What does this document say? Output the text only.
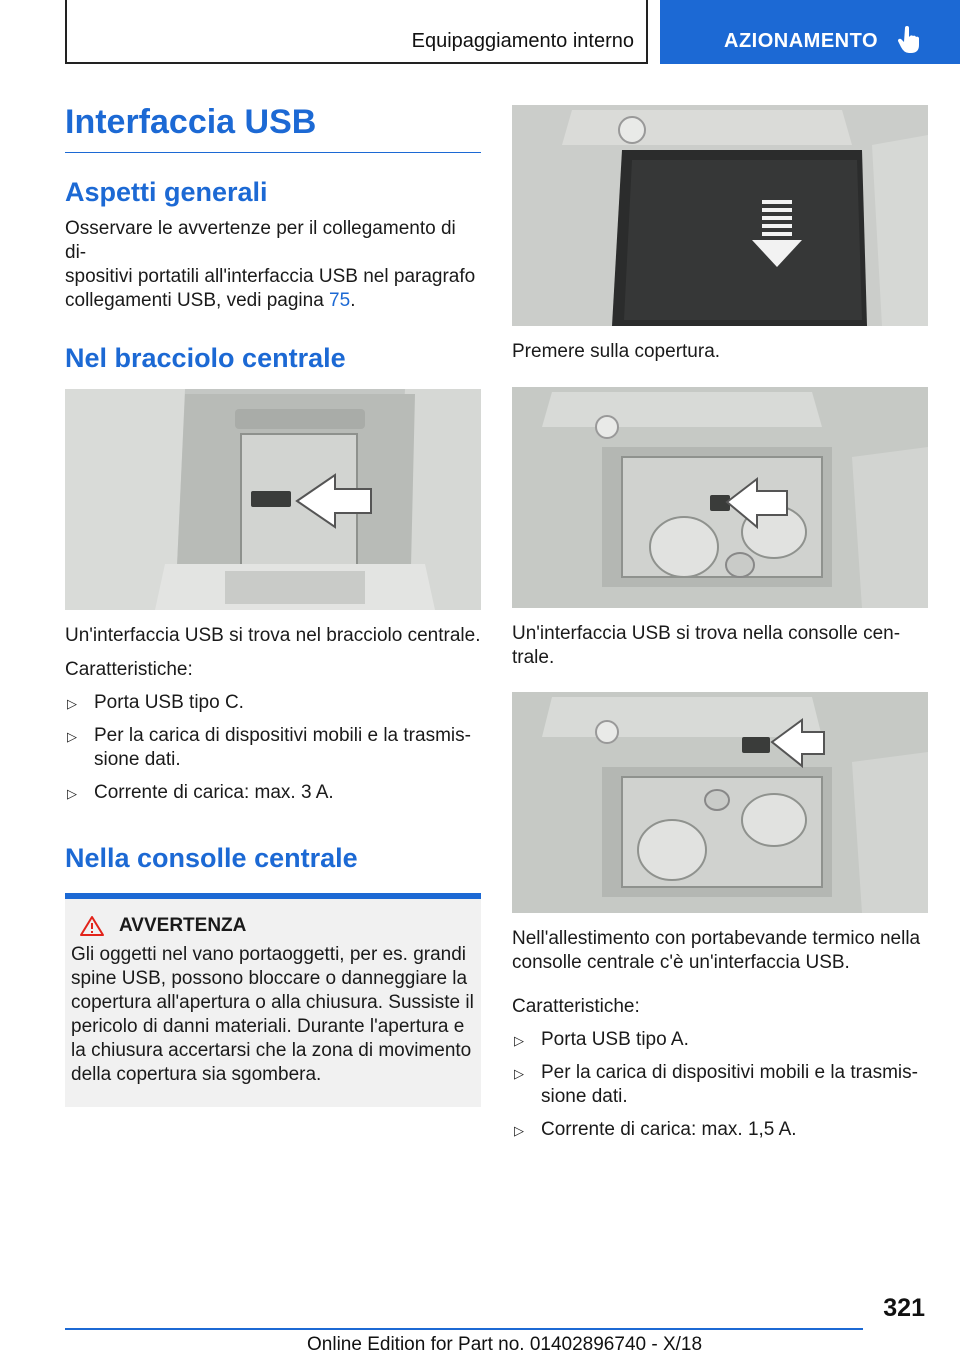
Equipaggiamento interno	AZIONAMENTO
Interfaccia USB
Aspetti generali

Osservare le avvertenze per il collegamento di di-
spositivi portatili all'interfaccia USB nel paragrafo
collegamenti USB, vedi pagina 75.

Nel bracciolo centrale

Un'interfaccia USB si trova nel bracciolo centrale.

Caratteristiche:

▷ Porta USB tipo C.
▷ Per la carica di dispositivi mobili e la trasmis-
sione dati.
▷ Corrente di carica: max. 3 A.
Nella consolle centrale
AVVERTENZA

Gli oggetti nel vano portaoggetti, per es. grandi
spine USB, possono bloccare o danneggiare la
copertura all'apertura o alla chiusura. Sussiste il
pericolo di danni materiali. Durante l'apertura e
la chiusura accertarsi che la zona di movimento
della copertura sia sgombera.

Premere sulla copertura.

Un'interfaccia USB si trova nella consolle cen-
trale.

Nell'allestimento con portabevande termico nella
consolle centrale c'è un'interfaccia USB.

Caratteristiche:

▷ Porta USB tipo A.
▷ Per la carica di dispositivi mobili e la trasmis-
sione dati.
▷ Corrente di carica: max. 1,5 A.
321
Online Edition for Part no. 01402896740 - X/18
